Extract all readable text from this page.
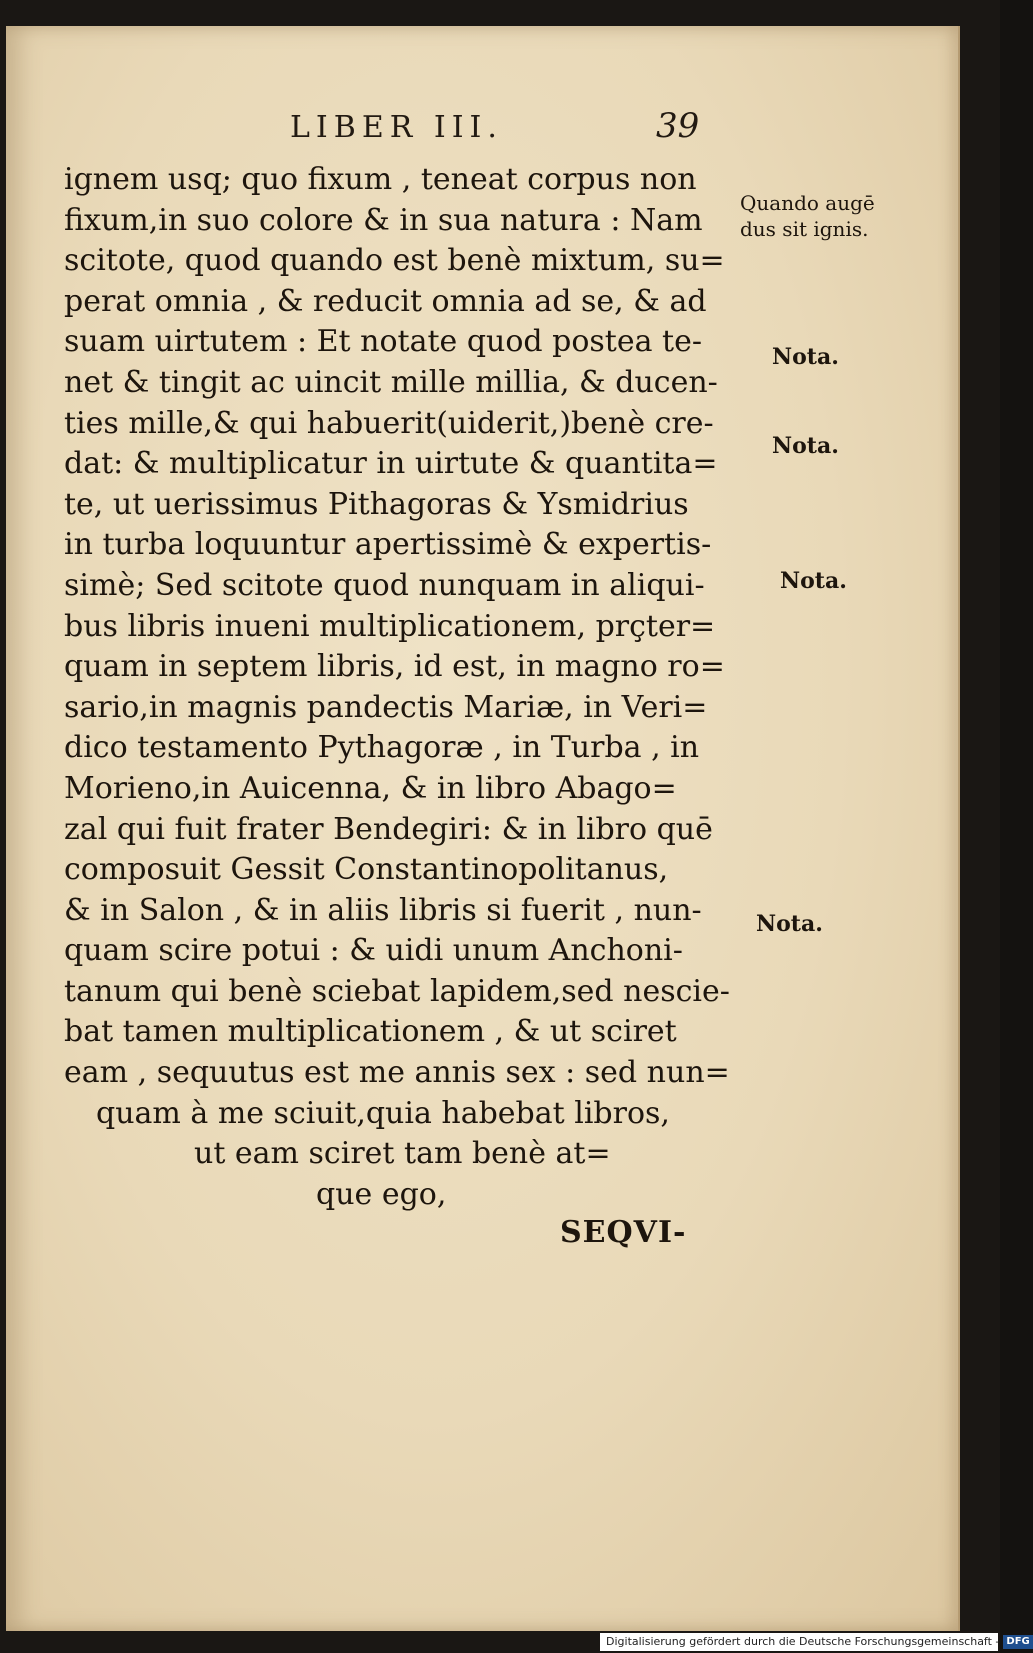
LIBER III.	39
ignem usq; quo fixum , teneat corpus non
fixum,in suo colore & in sua natura : Nam
scitote, quod quando est benè mixtum, su=
perat omnia , & reducit omnia ad se, & ad
suam uirtutem : Et notate quod postea te-
net & tingit ac uincit mille millia, & ducen-
ties mille,& qui habuerit(uiderit,)benè cre-
dat: & multiplicatur in uirtute & quantita=
te, ut uerissimus Pithagoras & Ysmidrius
in turba loquuntur apertissimè & expertis-
simè; Sed scitote quod nunquam in aliqui-
bus libris inueni multiplicationem, prçter=
quam in septem libris, id est, in magno ro=
sario,in magnis pandectis Mariæ, in Veri=
dico testamento Pythagoræ , in Turba , in
Morieno,in Auicenna, & in libro Abago=
zal qui fuit frater Bendegiri: & in libro quē
composuit Gessit Constantinopolitanus,
& in Salon , & in aliis libris si fuerit , nun-
quam scire potui : & uidi unum Anchoni-
tanum qui benè sciebat lapidem,sed nescie-
bat tamen multiplicationem , & ut sciret
eam , sequutus est me annis sex : sed nun=
quam à me sciuit,quia habebat libros,
ut eam sciret tam benè at=
que ego,
SEQVI-
Quando augē
dus sit ignis.
Nota.
Nota.
Nota.
Nota.
Digitalisierung gefördert durch die Deutsche Forschungsgemeinschaft - DFG
